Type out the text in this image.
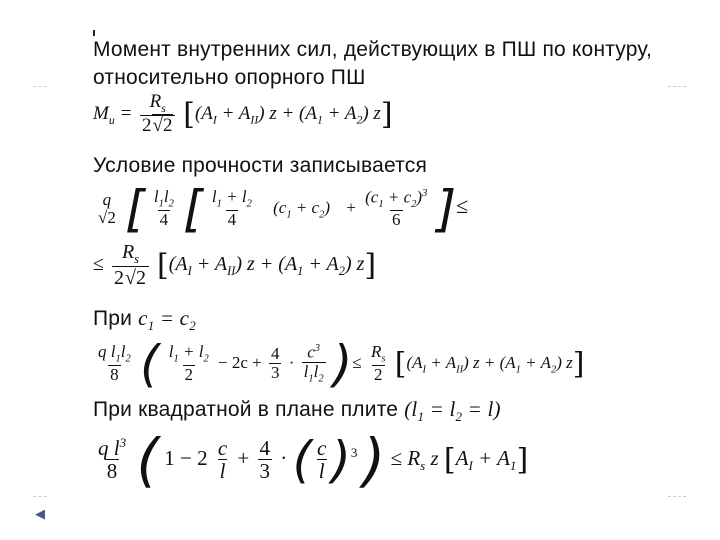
◀ 
Момент внутренних сил, действующих в ПШ по контуру,
относительно опорного ПШ
$M_u = \frac{R_s}{2√2} [(A_I + A_{II}) z + (A_1 + A_2)$ z]
Условие прочности записывается
q
√2 [ $\frac{l_1l_2}{4}$ [ $\frac{l_1 + l_2}{4} (c_1 + c_2) + \frac{(c_1 + c_2)^3}{6}$ ]≤
≤ $\frac{R_s}{2√2} [(A_I + A_{II}) z + (A_1 + A_2)$ z]
При $c_1 = c_2$
$\frac{q l_1l_2}{8}$ ( $\frac{l_1 + l_2}{2} - 2c + \frac{4}{3} \cdot \frac{c^3}{l_1l_2}$ )≤ $\frac{R_s}{2} [(A_I + A_{II}) z + (A_1 + A_2)$ z]
При квадратной в плане плите $(l_1 = l_2 = l)$
$\frac{q l^3}{8}$ ( $1 - 2 \frac{c}{l} + \frac{4}{3}$ · ( $\frac{c}{l} )^3$ ) ≤ $R_s$ z $[A_I + A_1]$
